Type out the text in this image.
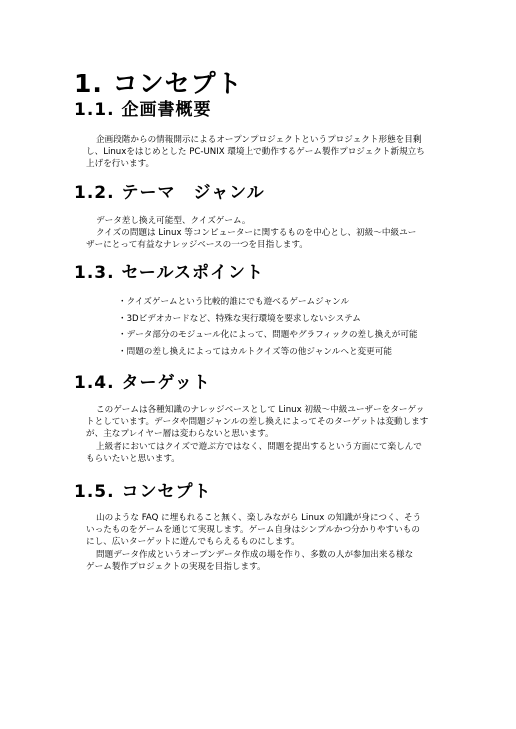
1. コンセプト
1.1. 企画書概要
企画段階からの情報開示によるオープンプロジェクトというプロジェクト形態を目剰
し、Linuxをはじめとした PC-UNIX 環境上で動作するゲーム製作プロジェクト新規立ち
上げを行います。
1.2. テーマ　ジャンル
データ差し換え可能型、クイズゲーム。
クイズの問題は Linux 等コンピューターに関するものを中心とし、初級～中級ユー
ザーにとって有益なナレッジベースの一つを目指します。
1.3. セールスポイント
・クイズゲームという比較的誰にでも遊べるゲームジャンル
・3Dビデオカードなど、特殊な実行環境を要求しないシステム
・データ部分のモジュール化によって、問題やグラフィックの差し換えが可能
・問題の差し換えによってはカルトクイズ等の他ジャンルへと変更可能
1.4. ターゲット
このゲームは各種知識のナレッジベースとして Linux 初級～中級ユーザーをターゲッ
トとしています。データや問題ジャンルの差し換えによってそのターゲットは変動します
が、主なプレイヤー層は変わらないと思います。
上級者においてはクイズで遊ぶ方ではなく、問題を提出するという方面にて楽しんで
もらいたいと思います。
1.5. コンセプト
山のような FAQ に埋もれること無く、楽しみながら Linux の知識が身につく、そう
いったものをゲームを通じて実現します。ゲーム自身はシンプルかつ分かりやすいもの
にし、広いターゲットに遊んでもらえるものにします。
問題データ作成というオープンデータ作成の場を作り、多数の人が参加出来る様な
ゲーム製作プロジェクトの実現を目指します。
